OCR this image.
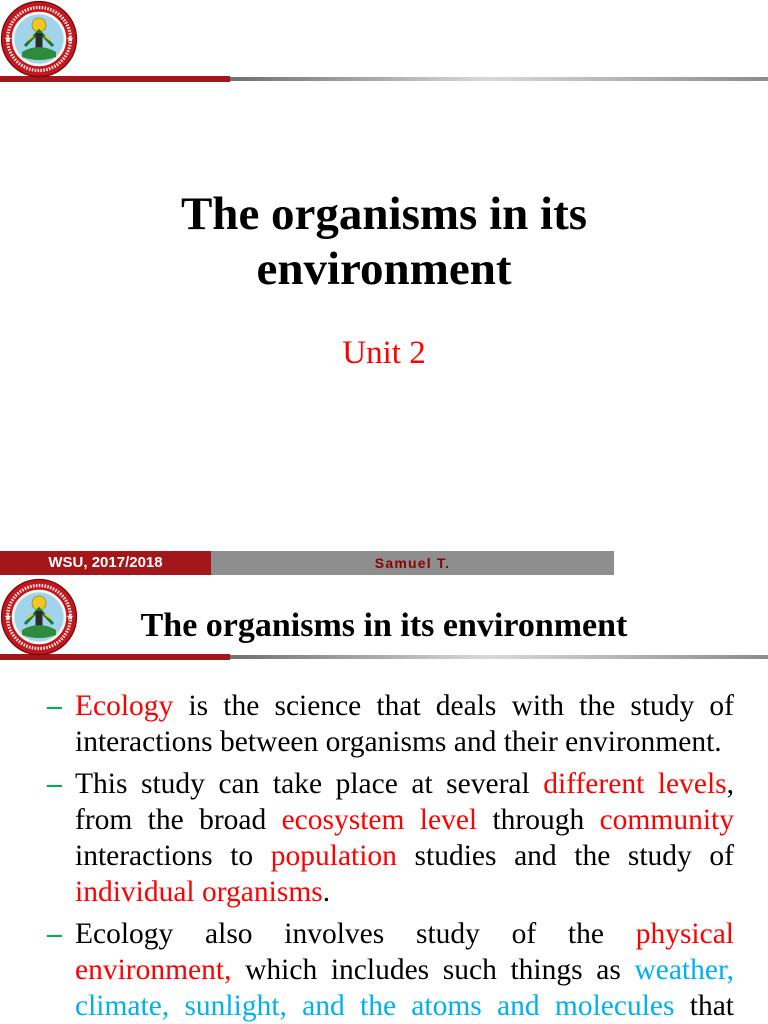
The organisms in its environment
Unit 2
WSU, 2017/2018	Samuel T.
The organisms in its environment
– Ecology is the science that deals with the study of interactions between organisms and their environment.
– This study can take place at several different levels, from the broad ecosystem level through community interactions to population studies and the study of individual organisms.
– Ecology also involves study of the physical environment, which includes such things as weather, climate, sunlight, and the atoms and molecules that
